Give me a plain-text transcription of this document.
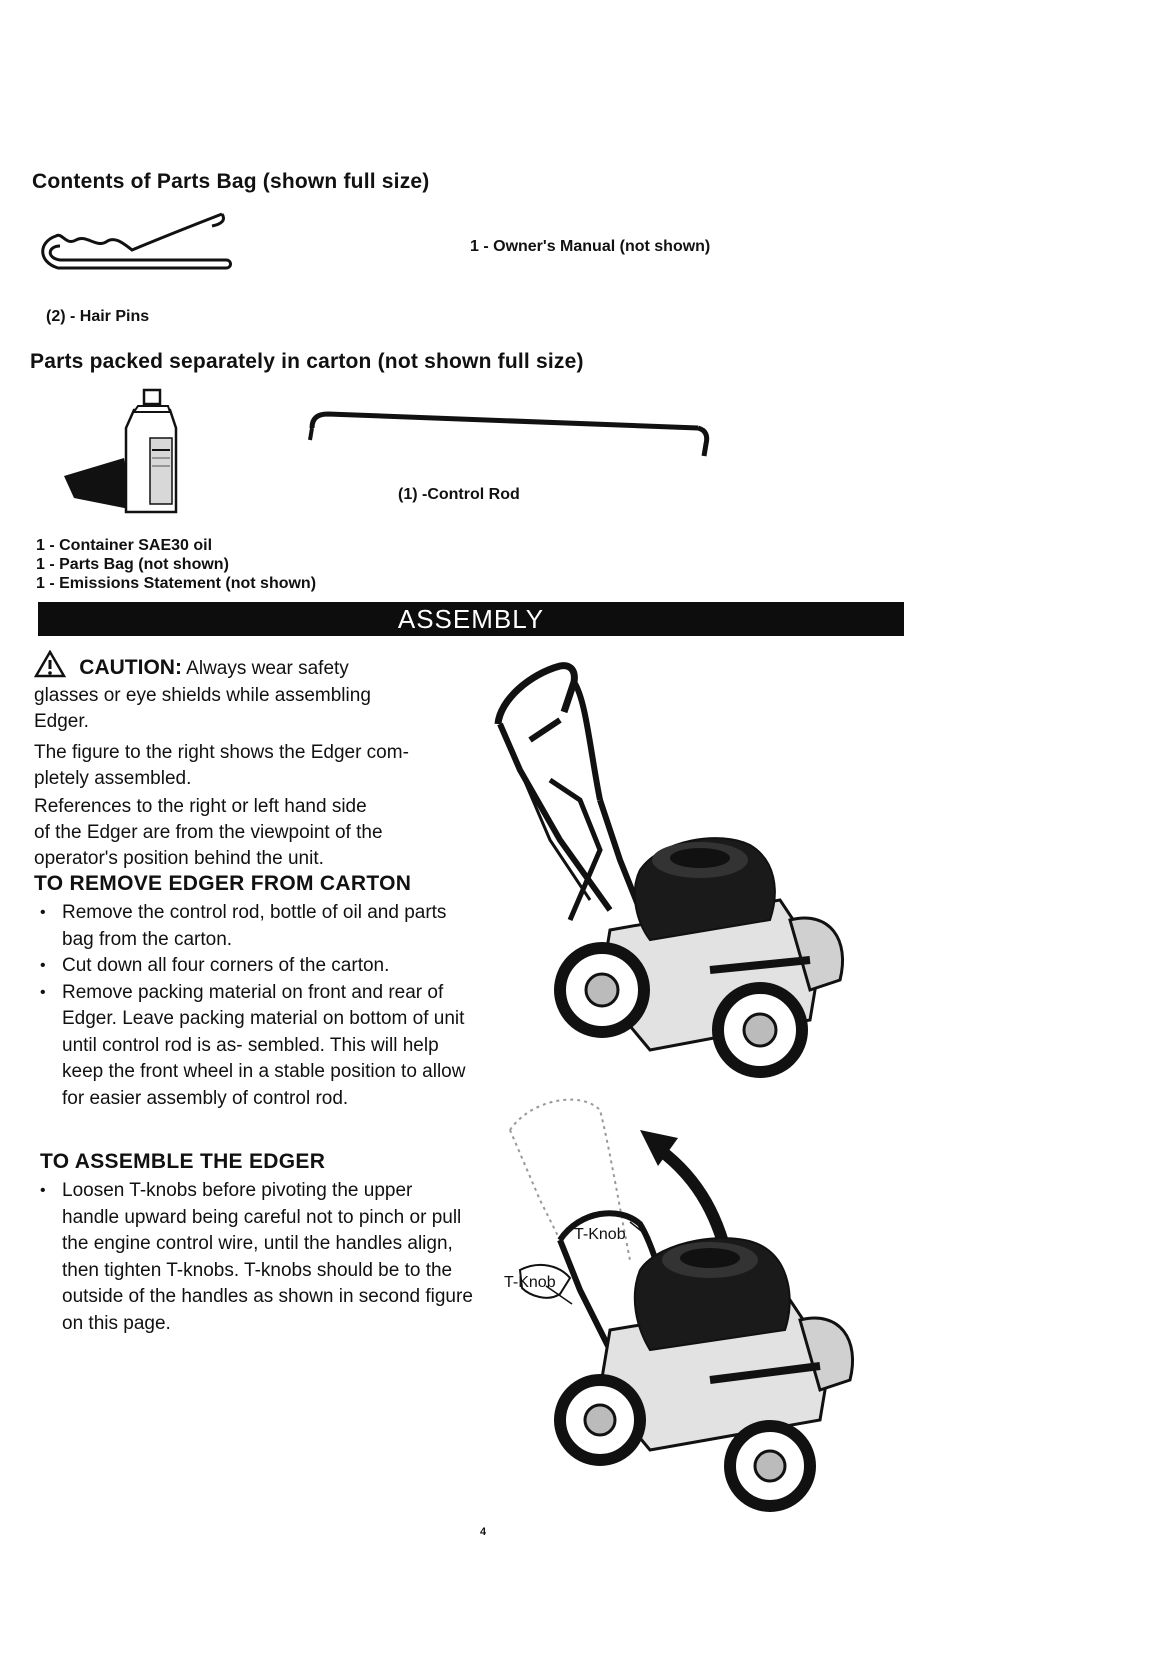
Contents of Parts Bag (shown full size)
1 - Owner's Manual (not shown)
(2) - Hair Pins
Parts packed separately in carton (not shown full size)
(1) -Control Rod
1 - Container SAE30 oil
1 - Parts Bag (not shown)
1 - Emissions Statement (not shown)
ASSEMBLY
CAUTION: Always wear safety
glasses or eye shields while assembling
Edger.
The figure to the right shows the Edger com-
pletely assembled.
References to the right or left hand side
of the Edger are from the viewpoint of the
operator's position behind the unit.
TO REMOVE EDGER FROM CARTON
• Remove the control rod, bottle of oil and parts bag from the carton.
• Cut down all four corners of the carton.
• Remove packing material on front and rear of Edger. Leave packing material on bottom of unit until control rod is as- sembled. This will help keep the front wheel in a stable position to allow for easier assembly of control rod.
TO ASSEMBLE THE EDGER
• Loosen T-knobs before pivoting the upper handle upward being careful not to pinch or pull the engine control wire, until the handles align, then tighten T-knobs. T-knobs should be to the outside of the handles as shown in second figure on this page.
T-Knob
T-Knob
4
